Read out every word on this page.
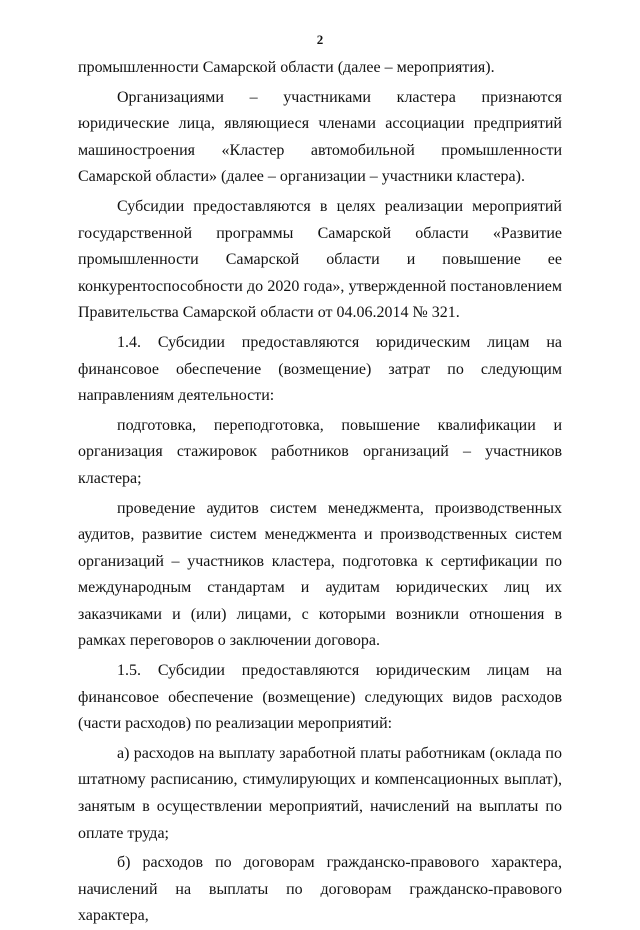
2

промышленности Самарской области (далее – мероприятия).

Организациями – участниками кластера признаются юридические лица, являющиеся членами ассоциации предприятий машиностроения «Кластер автомобильной промышленности Самарской области» (далее – организации – участники кластера).

Субсидии предоставляются в целях реализации мероприятий государственной программы Самарской области «Развитие промышленности Самарской области и повышение ее конкурентоспособности до 2020 года», утвержденной постановлением Правительства Самарской области от 04.06.2014 № 321.

1.4. Субсидии предоставляются юридическим лицам на финансовое обеспечение (возмещение) затрат по следующим направлениям деятельности:

подготовка, переподготовка, повышение квалификации и организация стажировок работников организаций – участников кластера;

проведение аудитов систем менеджмента, производственных аудитов, развитие систем менеджмента и производственных систем организаций – участников кластера, подготовка к сертификации по международным стандартам и аудитам юридических лиц их заказчиками и (или) лицами, с которыми возникли отношения в рамках переговоров о заключении договора.

1.5. Субсидии предоставляются юридическим лицам на финансовое обеспечение (возмещение) следующих видов расходов (части расходов) по реализации мероприятий:

а) расходов на выплату заработной платы работникам (оклада по штатному расписанию, стимулирующих и компенсационных выплат), занятым в осуществлении мероприятий, начислений на выплаты по оплате труда;

б) расходов по договорам гражданско-правового характера, начислений на выплаты по договорам гражданско-правового характера,
